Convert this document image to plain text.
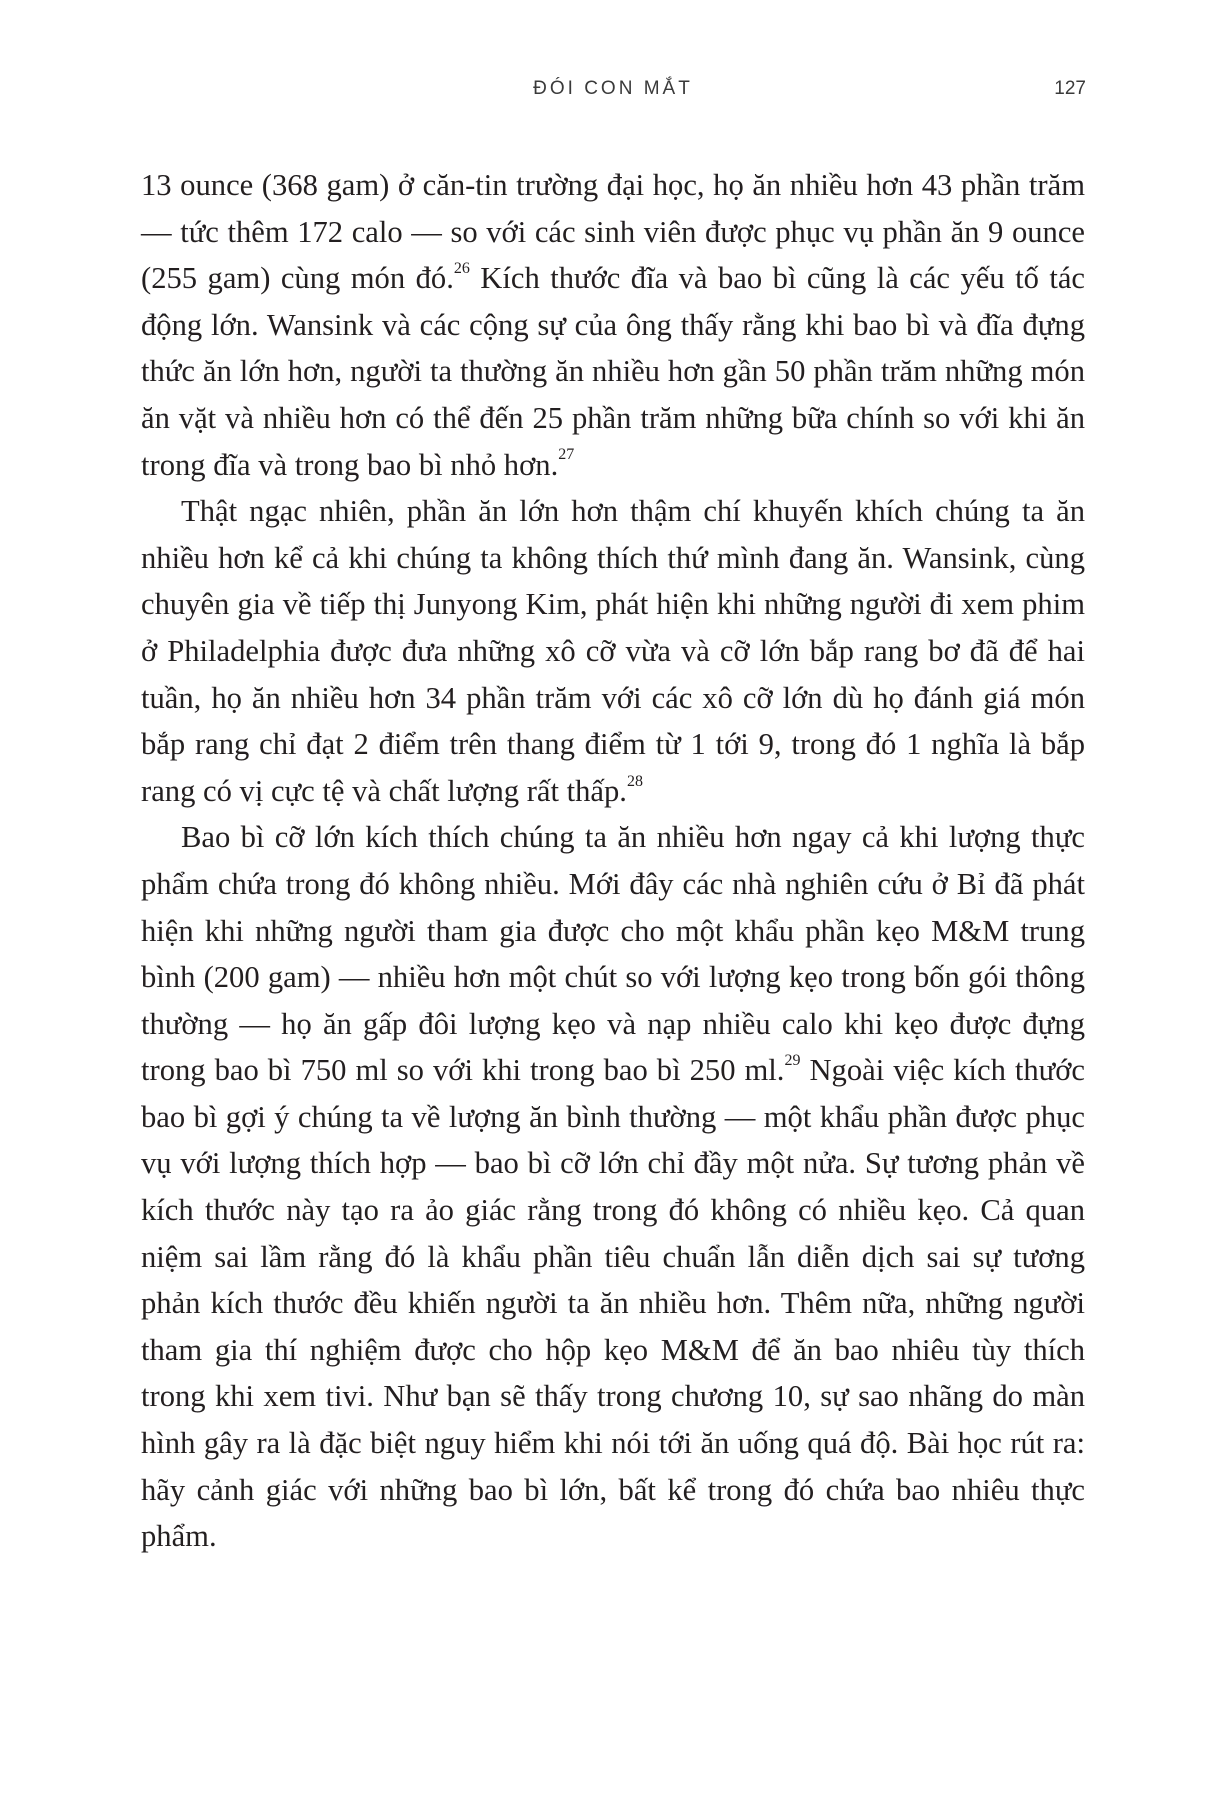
ĐÓI CON MẮT	127

13 ounce (368 gam) ở căn-tin trường đại học, họ ăn nhiều hơn 43 phần trăm — tức thêm 172 calo — so với các sinh viên được phục vụ phần ăn 9 ounce (255 gam) cùng món đó.$^{26}$ Kích thước đĩa và bao bì cũng là các yếu tố tác động lớn. Wansink và các cộng sự của ông thấy rằng khi bao bì và đĩa đựng thức ăn lớn hơn, người ta thường ăn nhiều hơn gần 50 phần trăm những món ăn vặt và nhiều hơn có thể đến 25 phần trăm những bữa chính so với khi ăn trong đĩa và trong bao bì nhỏ hơn.$^{27}$

Thật ngạc nhiên, phần ăn lớn hơn thậm chí khuyến khích chúng ta ăn nhiều hơn kể cả khi chúng ta không thích thứ mình đang ăn. Wansink, cùng chuyên gia về tiếp thị Junyong Kim, phát hiện khi những người đi xem phim ở Philadelphia được đưa những xô cỡ vừa và cỡ lớn bắp rang bơ đã để hai tuần, họ ăn nhiều hơn 34 phần trăm với các xô cỡ lớn dù họ đánh giá món bắp rang chỉ đạt 2 điểm trên thang điểm từ 1 tới 9, trong đó 1 nghĩa là bắp rang có vị cực tệ và chất lượng rất thấp.$^{28}$

Bao bì cỡ lớn kích thích chúng ta ăn nhiều hơn ngay cả khi lượng thực phẩm chứa trong đó không nhiều. Mới đây các nhà nghiên cứu ở Bỉ đã phát hiện khi những người tham gia được cho một khẩu phần kẹo M&M trung bình (200 gam) — nhiều hơn một chút so với lượng kẹo trong bốn gói thông thường — họ ăn gấp đôi lượng kẹo và nạp nhiều calo khi kẹo được đựng trong bao bì 750 ml so với khi trong bao bì 250 ml.$^{29}$ Ngoài việc kích thước bao bì gợi ý chúng ta về lượng ăn bình thường — một khẩu phần được phục vụ với lượng thích hợp — bao bì cỡ lớn chỉ đầy một nửa. Sự tương phản về kích thước này tạo ra ảo giác rằng trong đó không có nhiều kẹo. Cả quan niệm sai lầm rằng đó là khẩu phần tiêu chuẩn lẫn diễn dịch sai sự tương phản kích thước đều khiến người ta ăn nhiều hơn. Thêm nữa, những người tham gia thí nghiệm được cho hộp kẹo M&M để ăn bao nhiêu tùy thích trong khi xem tivi. Như bạn sẽ thấy trong chương 10, sự sao nhãng do màn hình gây ra là đặc biệt nguy hiểm khi nói tới ăn uống quá độ. Bài học rút ra: hãy cảnh giác với những bao bì lớn, bất kể trong đó chứa bao nhiêu thực phẩm.
